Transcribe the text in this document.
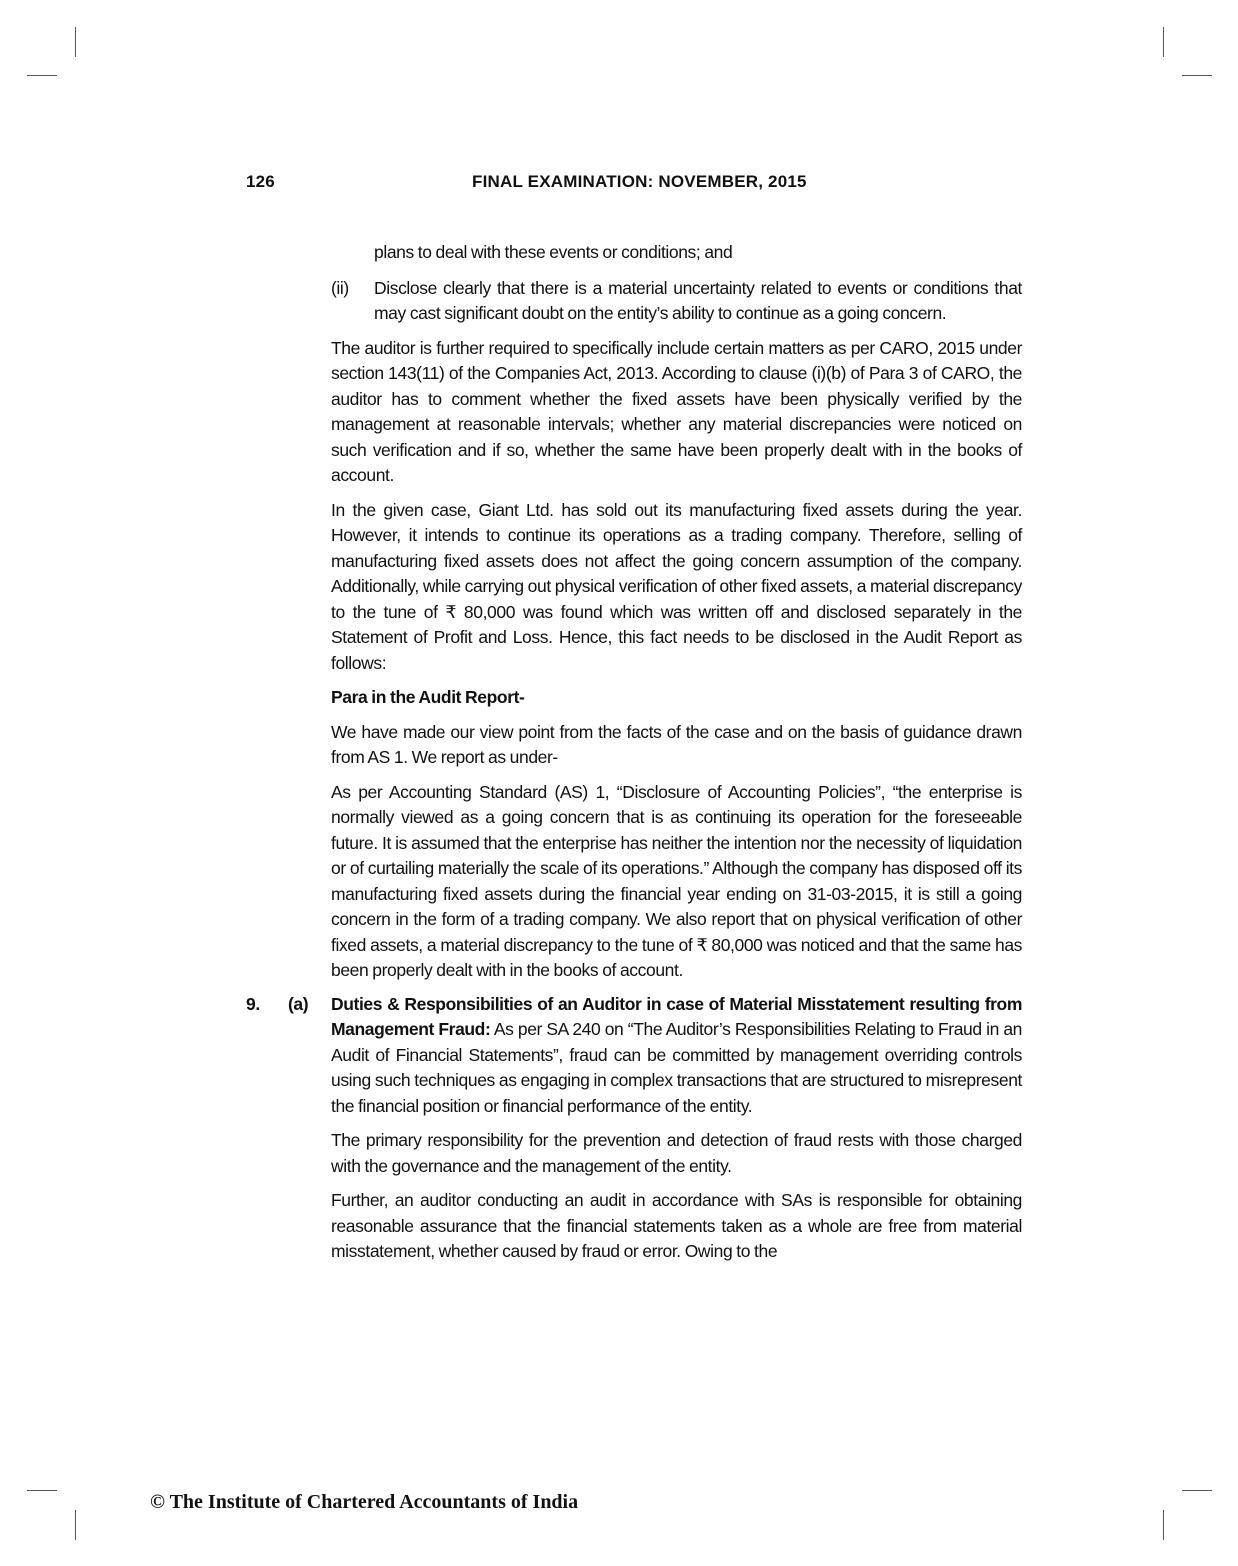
126	FINAL EXAMINATION: NOVEMBER, 2015
plans to deal with these events or conditions; and
(ii)	Disclose clearly that there is a material uncertainty related to events or conditions that may cast significant doubt on the entity’s ability to continue as a going concern.

The auditor is further required to specifically include certain matters as per CARO, 2015 under section 143(11) of the Companies Act, 2013. According to clause (i)(b) of Para 3 of CARO, the auditor has to comment whether the fixed assets have been physically verified by the management at reasonable intervals; whether any material discrepancies were noticed on such verification and if so, whether the same have been properly dealt with in the books of account.

In the given case, Giant Ltd. has sold out its manufacturing fixed assets during the year. However, it intends to continue its operations as a trading company. Therefore, selling of manufacturing fixed assets does not affect the going concern assumption of the company. Additionally, while carrying out physical verification of other fixed assets, a material discrepancy to the tune of ₹ 80,000 was found which was written off and disclosed separately in the Statement of Profit and Loss. Hence, this fact needs to be disclosed in the Audit Report as follows:

Para in the Audit Report-

We have made our view point from the facts of the case and on the basis of guidance drawn from AS 1. We report as under-

As per Accounting Standard (AS) 1, “Disclosure of Accounting Policies”, “the enterprise is normally viewed as a going concern that is as continuing its operation for the foreseeable future. It is assumed that the enterprise has neither the intention nor the necessity of liquidation or of curtailing materially the scale of its operations.” Although the company has disposed off its manufacturing fixed assets during the financial year ending on 31-03-2015, it is still a going concern in the form of a trading company. We also report that on physical verification of other fixed assets, a material discrepancy to the tune of ₹ 80,000 was noticed and that the same has been properly dealt with in the books of account.

9. (a) Duties & Responsibilities of an Auditor in case of Material Misstatement resulting from Management Fraud: As per SA 240 on “The Auditor’s Responsibilities Relating to Fraud in an Audit of Financial Statements”, fraud can be committed by management overriding controls using such techniques as engaging in complex transactions that are structured to misrepresent the financial position or financial performance of the entity.

The primary responsibility for the prevention and detection of fraud rests with those charged with the governance and the management of the entity.

Further, an auditor conducting an audit in accordance with SAs is responsible for obtaining reasonable assurance that the financial statements taken as a whole are free from material misstatement, whether caused by fraud or error. Owing to the

© The Institute of Chartered Accountants of India
